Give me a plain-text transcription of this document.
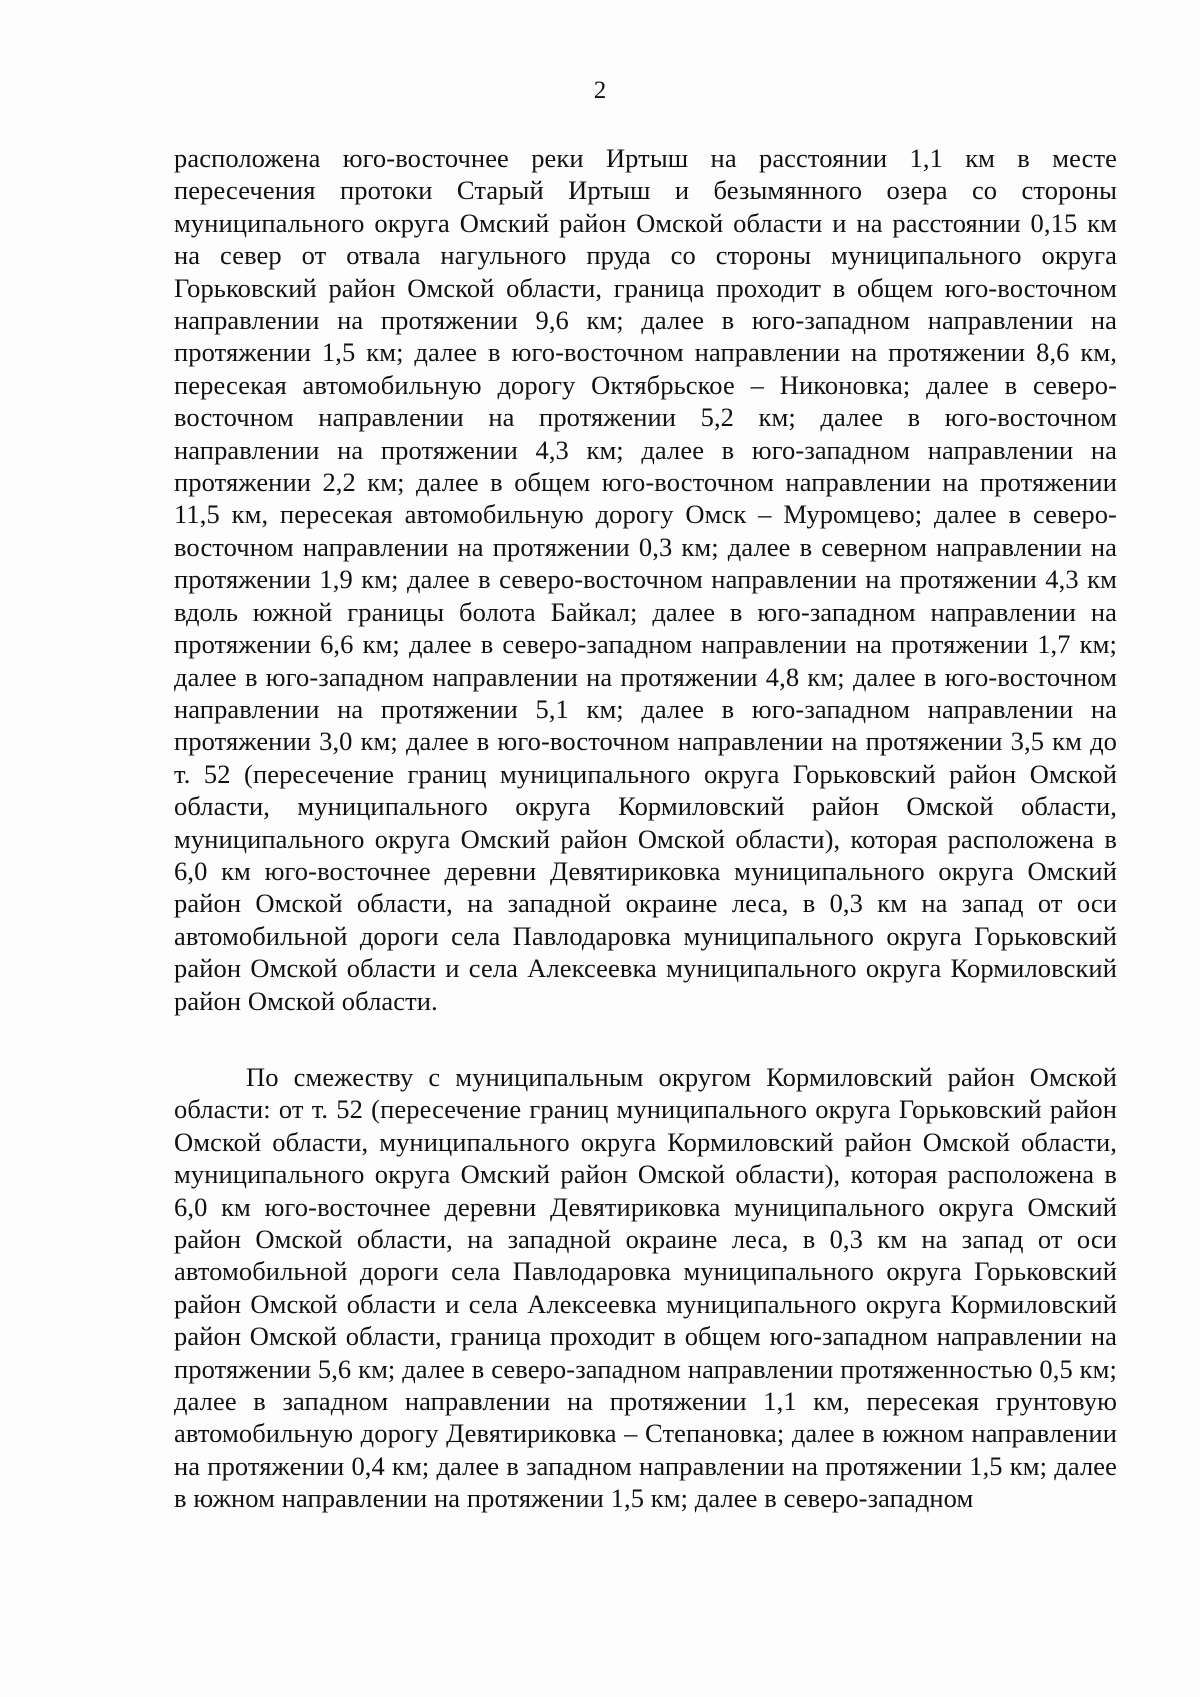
2

расположена юго-восточнее реки Иртыш на расстоянии 1,1 км в месте пересечения протоки Старый Иртыш и безымянного озера со стороны муниципального округа Омский район Омской области и на расстоянии 0,15 км на север от отвала нагульного пруда со стороны муниципального округа Горьковский район Омской области, граница проходит в общем юго-восточном направлении на протяжении 9,6 км; далее в юго-западном направлении на протяжении 1,5 км; далее в юго-восточном направлении на протяжении 8,6 км, пересекая автомобильную дорогу Октябрьское – Никоновка; далее в северо-восточном направлении на протяжении 5,2 км; далее в юго-восточном направлении на протяжении 4,3 км; далее в юго-западном направлении на протяжении 2,2 км; далее в общем юго-восточном направлении на протяжении 11,5 км, пересекая автомобильную дорогу Омск – Муромцево; далее в северо-восточном направлении на протяжении 0,3 км; далее в северном направлении на протяжении 1,9 км; далее в северо-восточном направлении на протяжении 4,3 км вдоль южной границы болота Байкал; далее в юго-западном направлении на протяжении 6,6 км; далее в северо-западном направлении на протяжении 1,7 км; далее в юго-западном направлении на протяжении 4,8 км; далее в юго-восточном направлении на протяжении 5,1 км; далее в юго-западном направлении на протяжении 3,0 км; далее в юго-восточном направлении на протяжении 3,5 км до т. 52 (пересечение границ муниципального округа Горьковский район Омской области, муниципального округа Кормиловский район Омской области, муниципального округа Омский район Омской области), которая расположена в 6,0 км юго-восточнее деревни Девятириковка муниципального округа Омский район Омской области, на западной окраине леса, в 0,3 км на запад от оси автомобильной дороги села Павлодаровка муниципального округа Горьковский район Омской области и села Алексеевка муниципального округа Кормиловский район Омской области.

По смежеству с муниципальным округом Кормиловский район Омской области: от т. 52 (пересечение границ муниципального округа Горьковский район Омской области, муниципального округа Кормиловский район Омской области, муниципального округа Омский район Омской области), которая расположена в 6,0 км юго-восточнее деревни Девятириковка муниципального округа Омский район Омской области, на западной окраине леса, в 0,3 км на запад от оси автомобильной дороги села Павлодаровка муниципального округа Горьковский район Омской области и села Алексеевка муниципального округа Кормиловский район Омской области, граница проходит в общем юго-западном направлении на протяжении 5,6 км; далее в северо-западном направлении протяженностью 0,5 км; далее в западном направлении на протяжении 1,1 км, пересекая грунтовую автомобильную дорогу Девятириковка – Степановка; далее в южном направлении на протяжении 0,4 км; далее в западном направлении на протяжении 1,5 км; далее в южном направлении на протяжении 1,5 км; далее в северо-западном
